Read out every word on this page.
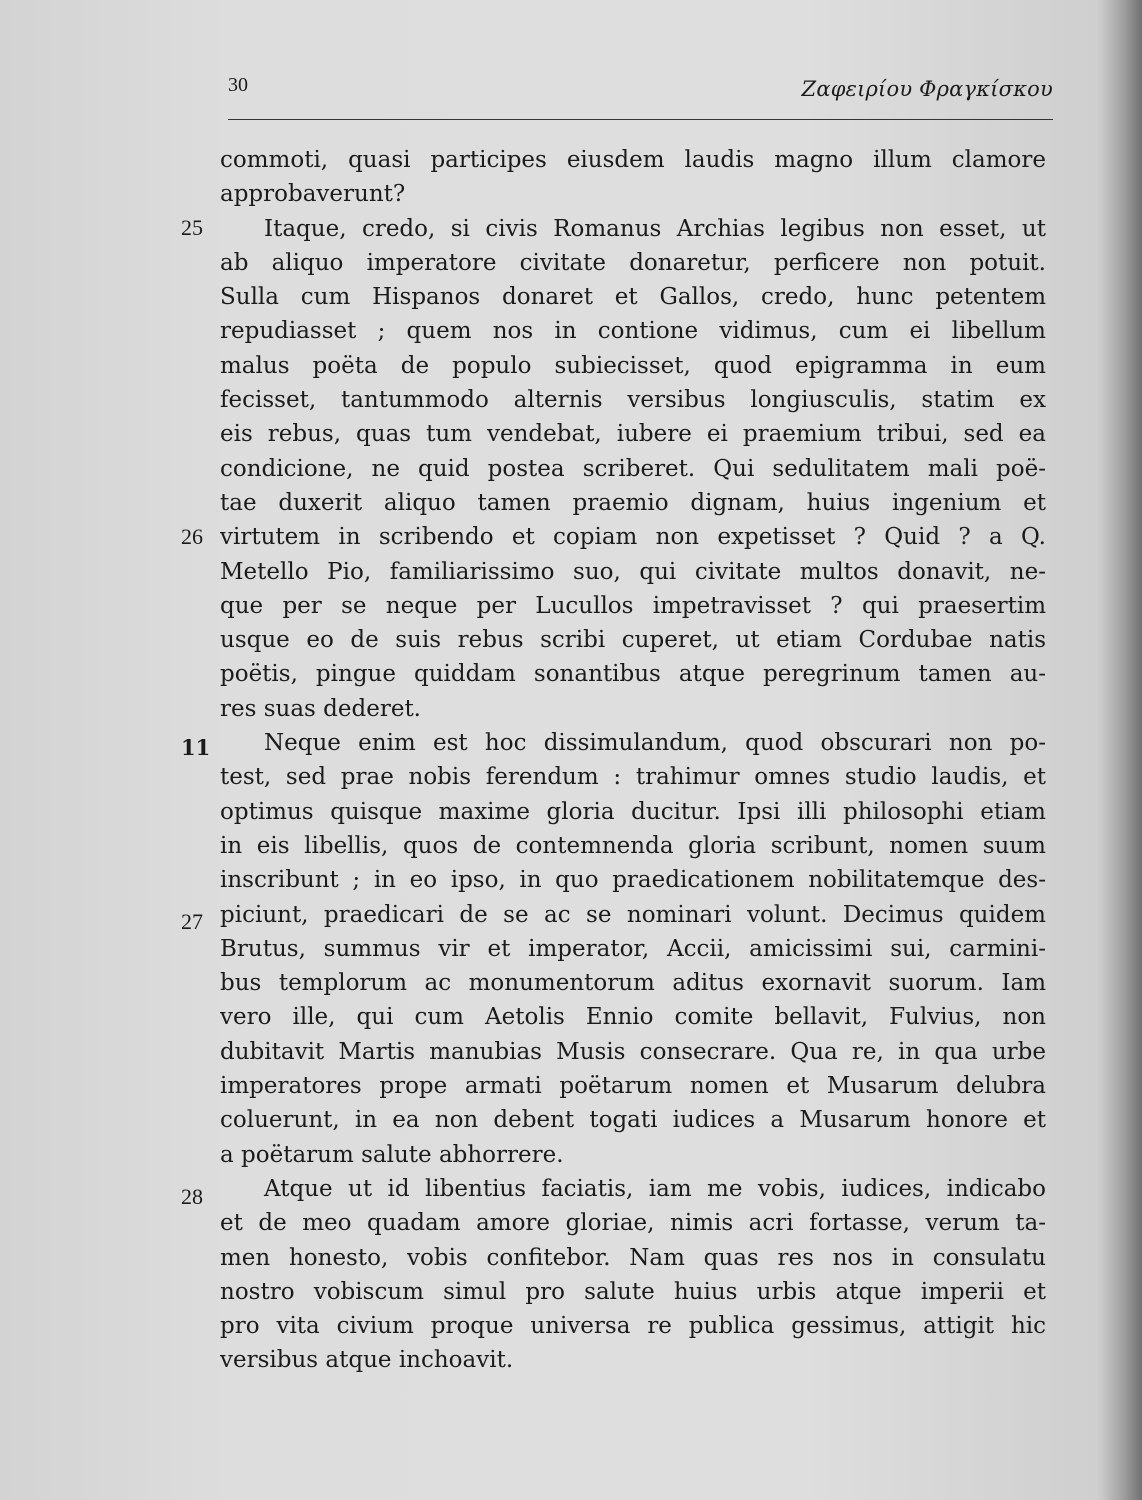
30	Ζαφειρίου Φραγκίσκου
25
26
11
27
28
commoti, quasi participes eiusdem laudis magno illum clamore
approbaverunt?
Itaque, credo, si civis Romanus Archias legibus non esset, ut
ab aliquo imperatore civitate donaretur, perficere non potuit.
Sulla cum Hispanos donaret et Gallos, credo, hunc petentem
repudiasset ; quem nos in contione vidimus, cum ei libellum
malus poëta de populo subiecisset, quod epigramma in eum
fecisset, tantummodo alternis versibus longiusculis, statim ex
eis rebus, quas tum vendebat, iubere ei praemium tribui, sed ea
condicione, ne quid postea scriberet. Qui sedulitatem mali poë-
tae duxerit aliquo tamen praemio dignam, huius ingenium et
virtutem in scribendo et copiam non expetisset ? Quid ? a Q.
Metello Pio, familiarissimo suo, qui civitate multos donavit, ne-
que per se neque per Lucullos impetravisset ? qui praesertim
usque eo de suis rebus scribi cuperet, ut etiam Cordubae natis
poëtis, pingue quiddam sonantibus atque peregrinum tamen au-
res suas dederet.
Neque enim est hoc dissimulandum, quod obscurari non po-
test, sed prae nobis ferendum : trahimur omnes studio laudis, et
optimus quisque maxime gloria ducitur. Ipsi illi philosophi etiam
in eis libellis, quos de contemnenda gloria scribunt, nomen suum
inscribunt ; in eo ipso, in quo praedicationem nobilitatemque des-
piciunt, praedicari de se ac se nominari volunt. Decimus quidem
Brutus, summus vir et imperator, Accii, amicissimi sui, carmini-
bus templorum ac monumentorum aditus exornavit suorum. Iam
vero ille, qui cum Aetolis Ennio comite bellavit, Fulvius, non
dubitavit Martis manubias Musis consecrare. Qua re, in qua urbe
imperatores prope armati poëtarum nomen et Musarum delubra
coluerunt, in ea non debent togati iudices a Musarum honore et
a poëtarum salute abhorrere.
Atque ut id libentius faciatis, iam me vobis, iudices, indicabo
et de meo quadam amore gloriae, nimis acri fortasse, verum ta-
men honesto, vobis confitebor. Nam quas res nos in consulatu
nostro vobiscum simul pro salute huius urbis atque imperii et
pro vita civium proque universa re publica gessimus, attigit hic
versibus atque inchoavit.
